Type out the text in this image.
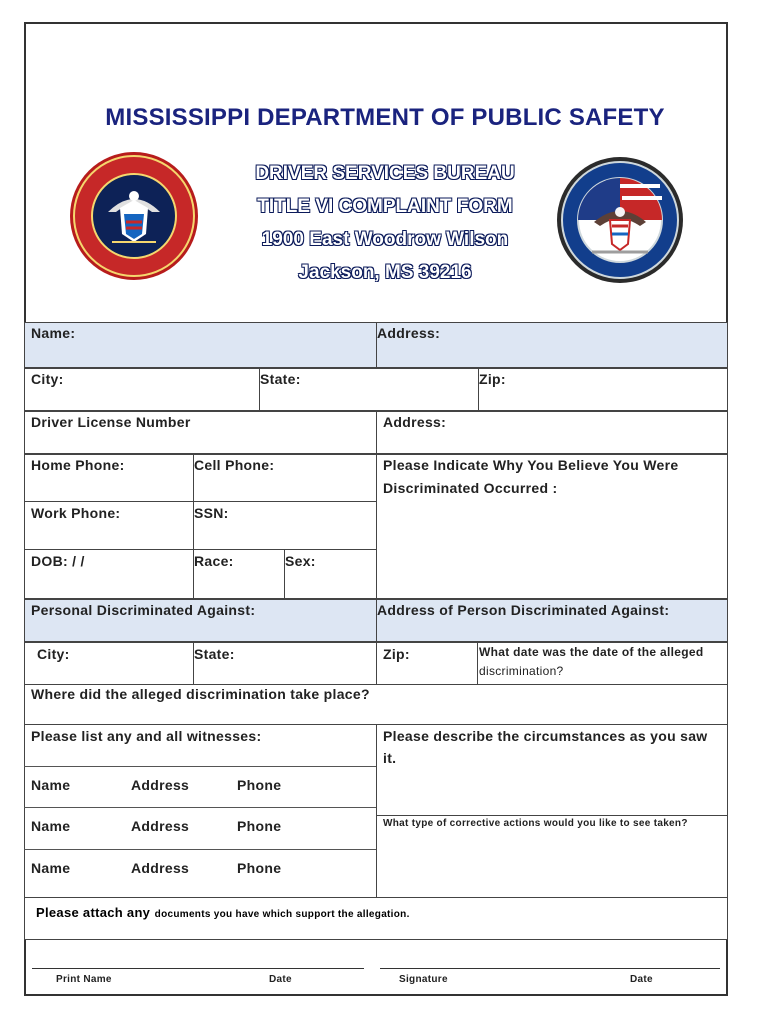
MISSISSIPPI DEPARTMENT OF PUBLIC SAFETY
DRIVER SERVICES BUREAU
TITLE VI COMPLAINT FORM
1900 East Woodrow Wilson
Jackson, MS 39216
Name:	Address:
City:	State:	Zip:
Driver License Number	Address:
Home Phone:	Cell Phone:
Work Phone:	SSN:
DOB: / /	Race:	Sex:
Please Indicate Why You Believe You Were
Discriminated Occurred :
Personal Discriminated Against:	Address of Person Discriminated Against:
City:	State:	Zip:	What date was the date of the alleged
discrimination?
Where did the alleged discrimination take place?
Please list any and all witnesses:
Name	Address	Phone
Name	Address	Phone
Name	Address	Phone
Please describe the circumstances as you saw
it.
What type of corrective actions would you like to see taken?
Please attach any documents you have which support the allegation.
Print Name	Date	Signature	Date
